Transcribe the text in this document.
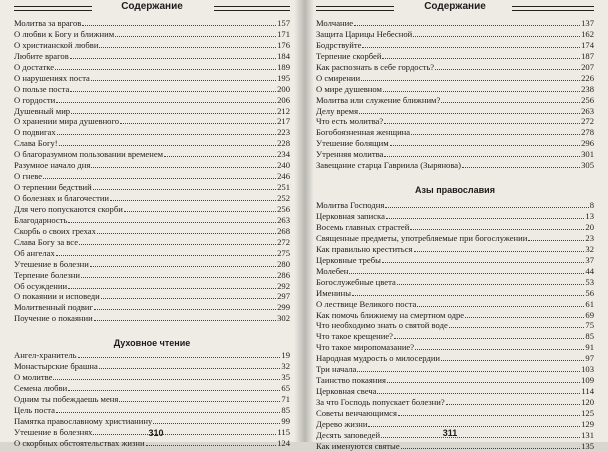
Содержание
Молитва за врагов	157
О любви к Богу и ближним	171
О христианской любви	176
Любите врагов	184
О достатке	189
О нарушениях поста	195
О пользе поста	200
О гордости	206
Душевный мир	212
О хранении мира душевного	217
О подвигах	223
Слава Богу!	228
О благоразумном пользовании временем	234
Разумное начало дня	240
О гневе	246
О терпении бедствий	251
О болезнях и благочестии	252
Для чего попускаются скорби	256
Благодарность	263
Скорбь о своих грехах	268
Слава Богу за все	272
Об ангелах	275
Утешение в болезни	280
Терпение болезни	286
Об осуждении	292
О покаянии и исповеди	297
Молитвенный подвиг	299
Поучение о покаянии	302
Духовное чтение
Ангел-хранитель	19
Монастырские брашна	32
О молитве	35
Семена любви	65
Одним ты побеждаешь меня	71
Цель поста	85
Памятка православному христианину	99
Утешение в болезнях	115
О скорбных обстоятельствах жизни	124
310
Содержание
Молчание	137
Защита Царицы Небесной	162
Бодрствуйте	174
Терпение скорбей	187
Как распознать в себе гордость?	207
О смирении	226
О мире душевном	238
Молитва или служение ближним?	256
Делу время	263
Что есть молитва?	272
Богобоязненная женщина	278
Утешение болящим	296
Утренняя молитва	301
Завещание старца Гавриила (Зырянова)	305
Азы православия
Молитва Господня	8
Церковная записка	13
Восемь главных страстей	20
Священные предметы, употребляемые при богослужении	23
Как правильно креститься	32
Церковные требы	37
Молебен	44
Богослужебные цвета	53
Именины	56
О лествице Великого поста	61
Как помочь ближнему на смертном одре	69
Что необходимо знать о святой воде	75
Что такое крещение?	85
Что такое миропомазание?	91
Народная мудрость о милосердии	97
Три начала	103
Таинство покаяния	109
Церковная свеча	114
За что Господь попускает болезни?	120
Советы венчающимся	125
Дерево жизни	129
Десять заповедей	131
Как именуются святые	135
311
